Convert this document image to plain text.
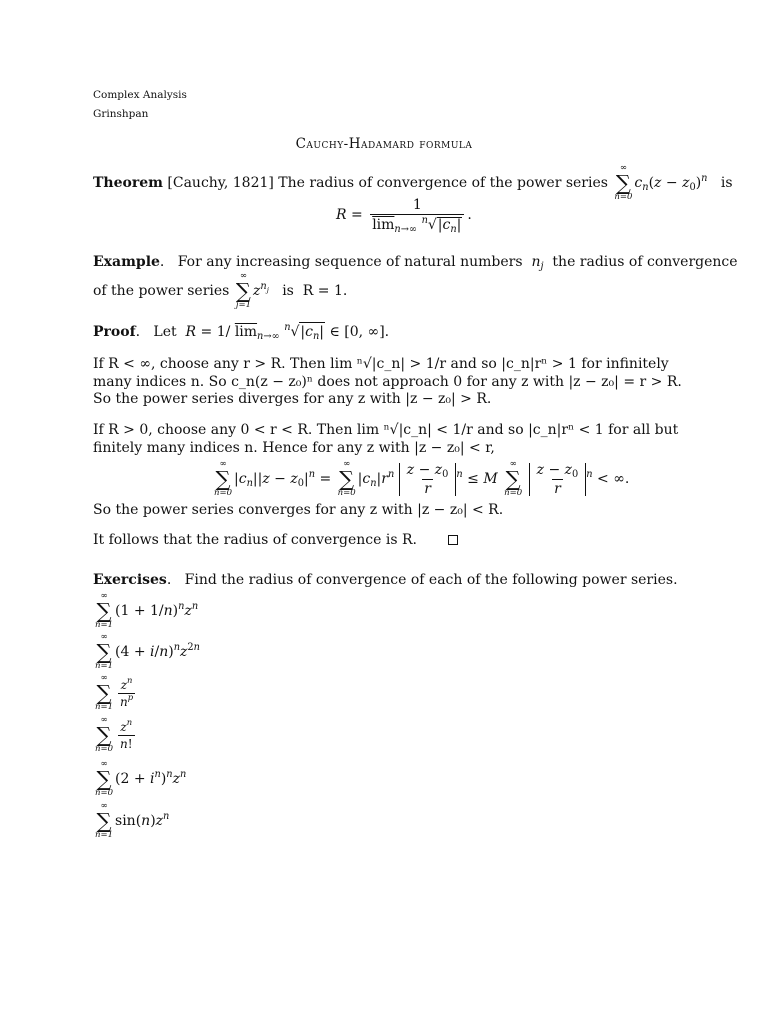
Complex Analysis
Grinshpan
Cauchy-Hadamard formula
Theorem [Cauchy, 1821] The radius of convergence of the power series
∞
∑
n=0
$c_n(z - z_0)^n$ is
$R = \frac{1}{\overline{lim}_{n\to\infty} ^n√|c_n|}$ .
Example.   For any increasing sequence of natural numbers $n_j$ the radius of convergence
of the power series
∞
∑
j=1
$z^{n_j}$ is R = 1.
Proof.   Let R = 1/ $\overline{lim}_{n\to\infty}$ $^n√|c_n|$ ∈ [0, ∞].
If R < ∞, choose any r > R. Then lim ⁿ√|c_n| > 1/r and so |c_n|rⁿ > 1 for infinitely
many indices n. So c_n(z − z₀)ⁿ does not approach 0 for any z with |z − z₀| = r > R.
So the power series diverges for any z with |z − z₀| > R.
If R > 0, choose any 0 < r < R. Then lim ⁿ√|c_n| < 1/r and so |c_n|rⁿ < 1 for all but
finitely many indices n. Hence for any z with |z − z₀| < r,
∞
∑
n=0
$|c_n||z - z_0|^n$ =
∞
∑
n=0
$|c_n|r^n \frac{z - z_0}{r} ^n \le M$
∞
∑
n=0
$\frac{z - z_0}{r} ^n$ < ∞.
So the power series converges for any z with |z − z₀| < R.
It follows that the radius of convergence is R.
Exercises.   Find the radius of convergence of each of the following power series.
∞
∑
n=1
$(1 + 1/n)^nz^n$
∞
∑
n=1
$(4 + i/n)^nz^{2n}$
∞
∑
$n=1 \frac{z^n}{n^p}$
∞
∑
$n=0 \frac{z^n}{n!}$
∞
∑
n=0
$(2 + i^n)^nz^n$
∞
∑
n=1
$\sin(n)z^n$
